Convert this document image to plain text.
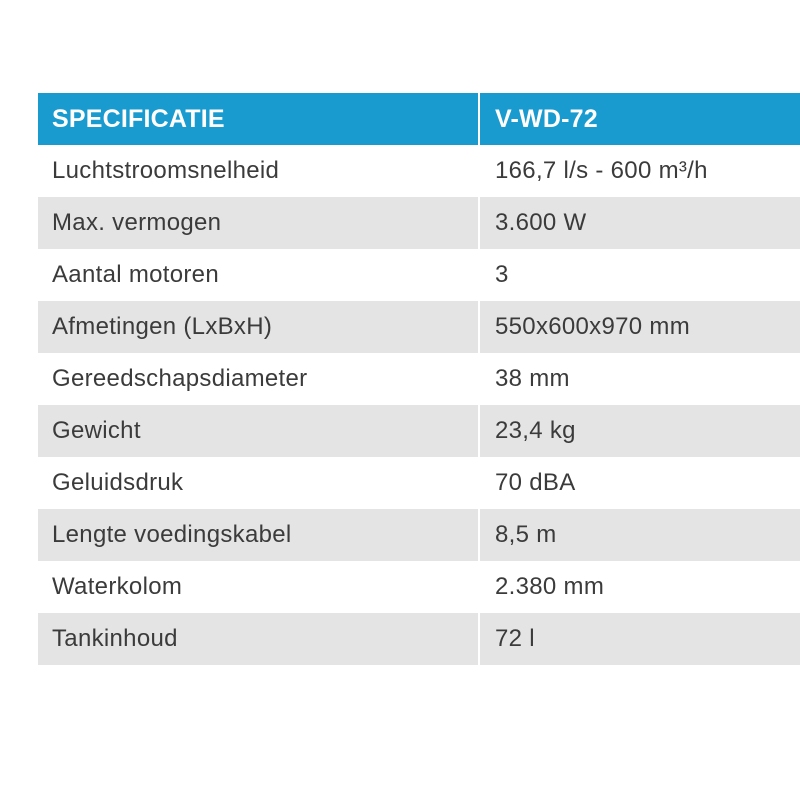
SPECIFICATIE	V-WD-72
Luchtstroomsnelheid	166,7 l/s - 600 m³/h
Max. vermogen	3.600 W
Aantal motoren	3
Afmetingen (LxBxH)	550x600x970 mm
Gereedschapsdiameter	38 mm
Gewicht	23,4 kg
Geluidsdruk	70 dBA
Lengte voedingskabel	8,5 m
Waterkolom	2.380 mm
Tankinhoud	72 l
